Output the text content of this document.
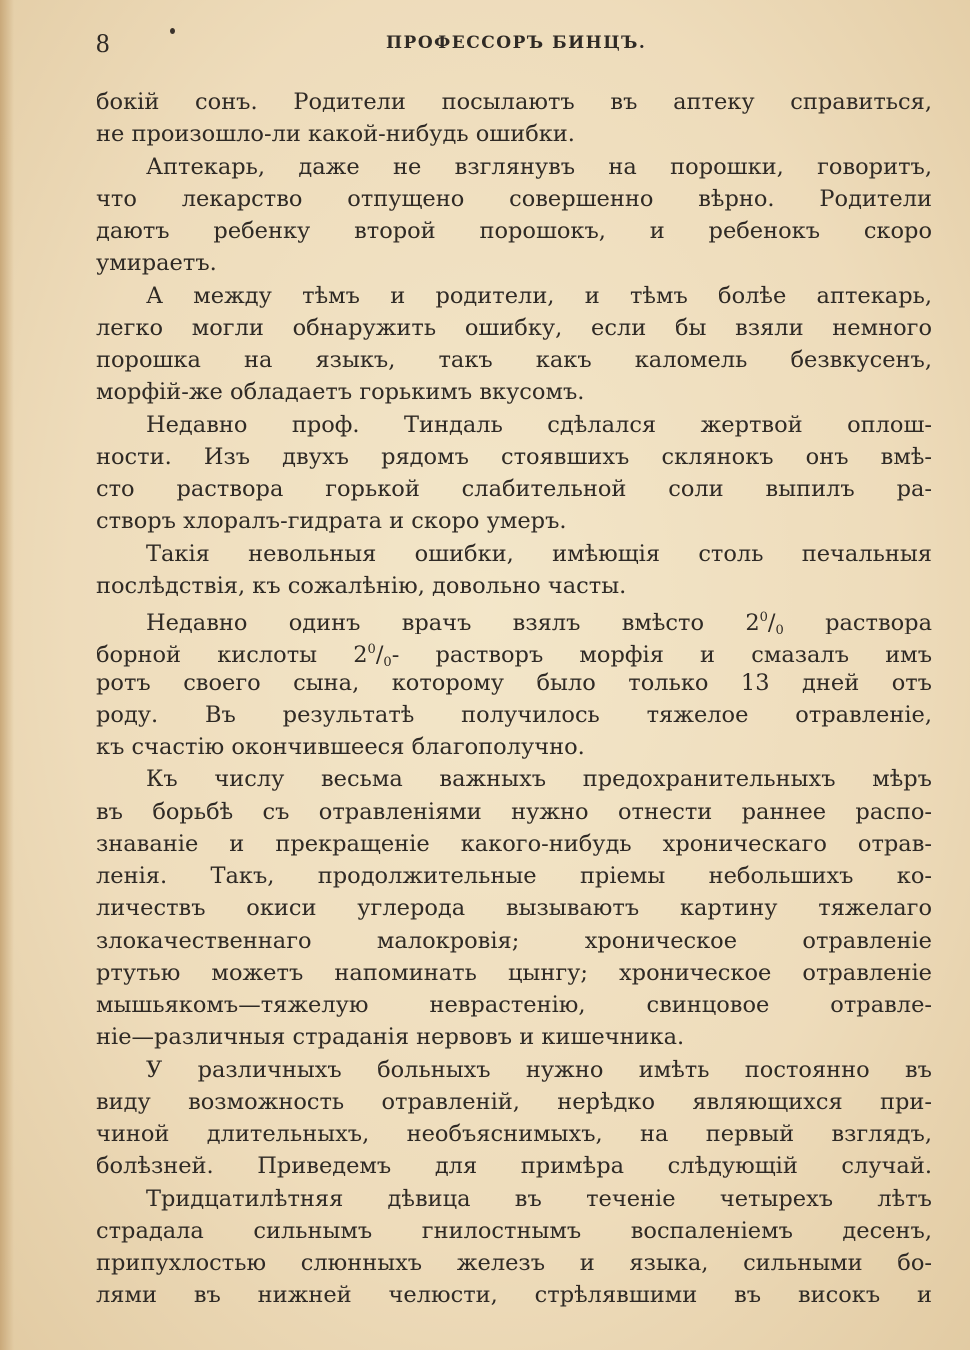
8	ПРОФЕССОРЪ БИНЦЪ.
бокій сонъ. Родители посылаютъ въ аптеку справиться,
не произошло-ли какой-нибудь ошибки.
Аптекарь, даже не взглянувъ на порошки, говоритъ,
что лекарство отпущено совершенно вѣрно. Родители
даютъ ребенку второй порошокъ, и ребенокъ скоро
умираетъ.
А между тѣмъ и родители, и тѣмъ болѣе аптекарь,
легко могли обнаружить ошибку, если бы взяли немного
порошка на языкъ, такъ какъ каломель безвкусенъ,
морфій-же обладаетъ горькимъ вкусомъ.
Недавно проф. Тиндаль сдѣлался жертвой оплош-
ности. Изъ двухъ рядомъ стоявшихъ склянокъ онъ вмѣ-
сто раствора горькой слабительной соли выпилъ ра-
створъ хлоралъ-гидрата и скоро умеръ.
Такія невольныя ошибки, имѣющія столь печальныя
послѣдствія, къ сожалѣнію, довольно часты.
Недавно одинъ врачъ взялъ вмѣсто $2^0/_0$ раствора
борной кислоты $2^0/_0-$ растворъ морфія и смазалъ имъ
ротъ своего сына, которому было только 13 дней отъ
роду. Въ результатѣ получилось тяжелое отравленіе,
къ счастію окончившееся благополучно.
Къ числу весьма важныхъ предохранительныхъ мѣръ
въ борьбѣ съ отравленіями нужно отнести раннее распо-
знаваніе и прекращеніе какого-нибудь хроническаго отрав-
ленія. Такъ, продолжительные пріемы небольшихъ ко-
личествъ окиси углерода вызываютъ картину тяжелаго
злокачественнаго малокровія; хроническое отравленіе
ртутью можетъ напоминать цынгу; хроническое отравленіе
мышьякомъ—тяжелую неврастенію, свинцовое отравле-
ніе—различныя страданія нервовъ и кишечника.
У различныхъ больныхъ нужно имѣть постоянно въ
виду возможность отравленій, нерѣдко являющихся при-
чиной длительныхъ, необъяснимыхъ, на первый взглядъ,
болѣзней. Приведемъ для примѣра слѣдующій случай.
Тридцатилѣтняя дѣвица въ теченіе четырехъ лѣтъ
страдала сильнымъ гнилостнымъ воспаленіемъ десенъ,
припухлостью слюнныхъ железъ и языка, сильными бо-
лями въ нижней челюсти, стрѣлявшими въ високъ и
